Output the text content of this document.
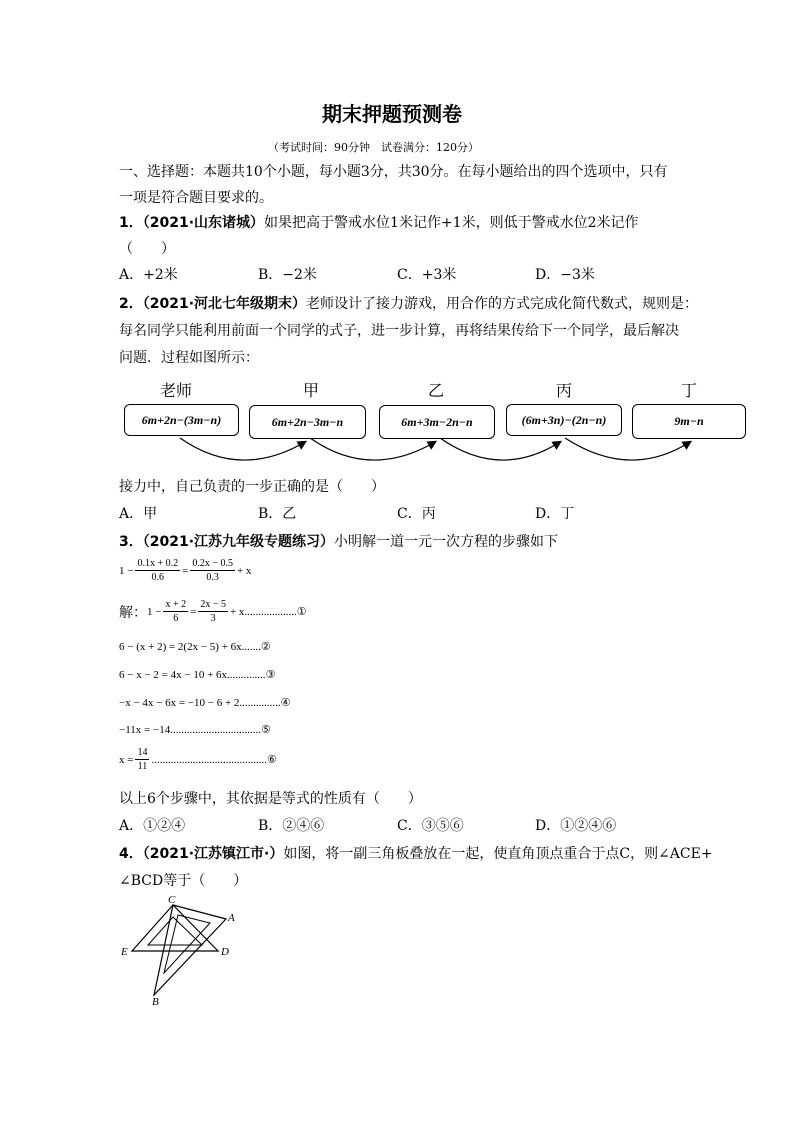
期末押题预测卷
（考试时间：90分钟　试卷满分：120分）
一、选择题：本题共10个小题，每小题3分，共30分。在每小题给出的四个选项中，只有
一项是符合题目要求的。
1．（2021·山东诸城）如果把高于警戒水位1米记作+1米，则低于警戒水位2米记作
（　　）
A．+2米	B．−2米	C．+3米	D．−3米
2．（2021·河北七年级期末）老师设计了接力游戏，用合作的方式完成化简代数式，规则是：
每名同学只能利用前面一个同学的式子，进一步计算，再将结果传给下一个同学，最后解决
问题．过程如图所示：
老师	甲	乙	丙	丁
6m+2n−(3m−n)	6m+2n−3m−n	6m+3m−2n−n	(6m+3n)−(2n−n)	9m−n
接力中，自己负责的一步正确的是（　　）
A．甲	B．乙	C．丙	D．丁
3．（2021·江苏九年级专题练习）小明解一道一元一次方程的步骤如下
$1 - \frac{0.1x + 0.2}{0.6} = \frac{0.2x - 0.5}{0.3} + x$
解： $1 - \frac{x + 2}{6} = \frac{2x - 5}{3} + x$ ...................①
6 − (x + 2) = 2(2x − 5) + 6x.......②
6 − x − 2 = 4x − 10 + 6x..............③
−x − 4x − 6x = −10 − 6 + 2...............④
−11x = −14.................................⑤
$x = \frac{14}{11}$ ..........................................⑥
以上6个步骤中，其依据是等式的性质有（　　）
A．①②④	B．②④⑥	C．③⑤⑥	D．①②④⑥
4．（2021·江苏镇江市·）如图，将一副三角板叠放在一起，使直角顶点重合于点C，则∠ACE+
∠BCD等于（　　）
C
A
E	D
B
